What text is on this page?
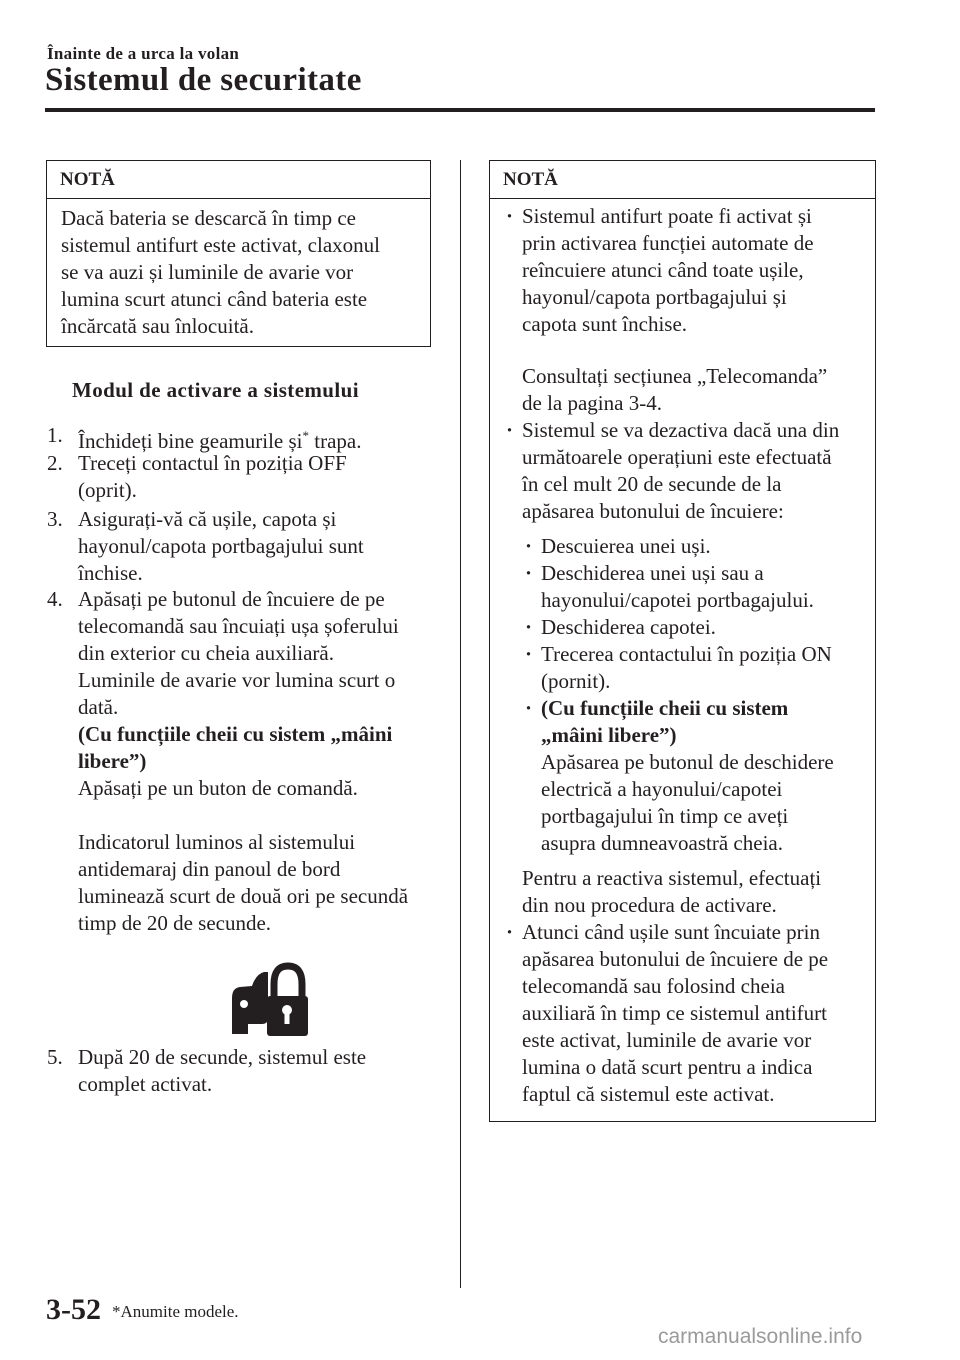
Înainte de a urca la volan
Sistemul de securitate
NOTĂ
Dacă bateria se descarcă în timp ce
sistemul antifurt este activat, claxonul
se va auzi și luminile de avarie vor
lumina scurt atunci când bateria este
încărcată sau înlocuită.
Modul de activare a sistemului
1. Închideți bine geamurile și* trapa.
2. Treceți contactul în poziția OFF

(oprit).

3. Asigurați-vă că ușile, capota și

hayonul/capota portbagajului sunt

închise.

4. Apăsați pe butonul de încuiere de pe

telecomandă sau încuiați ușa șoferului

din exterior cu cheia auxiliară.

Luminile de avarie vor lumina scurt o

dată.

(Cu funcțiile cheii cu sistem „mâini

libere”)

Apăsați pe un buton de comandă.

Indicatorul luminos al sistemului

antidemaraj din panoul de bord

luminează scurt de două ori pe secundă

timp de 20 de secunde.

5. După 20 de secunde, sistemul este

complet activat.

NOTĂ
· Sistemul antifurt poate fi activat și
prin activarea funcției automate de
reîncuiere atunci când toate ușile,
hayonul/capota portbagajului și
capota sunt închise.
Consultați secțiunea „Telecomanda”
de la pagina 3-4.
· Sistemul se va dezactiva dacă una din
următoarele operațiuni este efectuată
în cel mult 20 de secunde de la
apăsarea butonului de încuiere:
· Descuierea unei uși.
· Deschiderea unei uși sau a
hayonului/capotei portbagajului.
· Deschiderea capotei.
· Trecerea contactului în poziția ON
(pornit).
· (Cu funcțiile cheii cu sistem
„mâini libere”)
Apăsarea pe butonul de deschidere
electrică a hayonului/capotei
portbagajului în timp ce aveți
asupra dumneavoastră cheia.
Pentru a reactiva sistemul, efectuați
din nou procedura de activare.
· Atunci când ușile sunt încuiate prin
apăsarea butonului de încuiere de pe
telecomandă sau folosind cheia
auxiliară în timp ce sistemul antifurt
este activat, luminile de avarie vor
lumina o dată scurt pentru a indica
faptul că sistemul este activat.
3-52 *Anumite modele.
carmanualsonline.info
